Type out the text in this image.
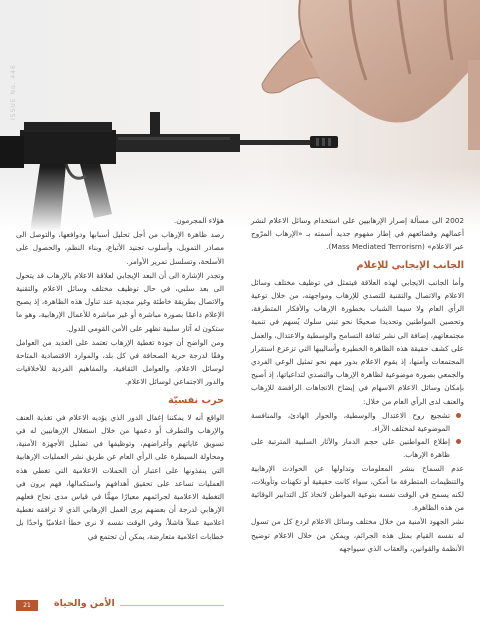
ISSUE No. 446

2002 الى مسألة إصرار الإرهابيين على استخدام وسائل الاعلام لنشر أعمالهم وفضائعهم في إطار مفهوم جديد أسمته بـ «الإرهاب المرّوج عبر الاعلام» (Mass Mediated Terrorism).

الجانب الإيجابي للإعلام

وأما الجانب الايجابي لهذه العلاقة فيتمثل في توظيف مختلف وسائل الاعلام والاتصال والتقنية للتصدي للإرهاب ومواجهته، من خلال توعية الرأي العام ولا سيما الشباب بخطورة الإرهاب والأفكار المتطرفة، وتحصين المواطنين وتحديدا صحيحًا نحو تبني سلوك يُسهم في تنمية مجتمعاتهم، إضافة الى نشر ثقافة التسامح والوسطية والاعتدال، والعمل على كشف حقيقة هذه الظاهرة الخطيرة وأساليبها التي تزعزع استقرار المجتمعات وأمنها، إذ يقوم الاعلام بدور مهم نحو تمثيل الوعي الفردي والجمعي بصورة موضوعية لظاهرة الإرهاب والتصدي لتداعياتها، إذ أصبح بإمكان وسائل الاعلام الاسهام في إيضاح الاتجاهات الرافضة للإرهاب والعنف لدى الرأي العام من خلال:

تشجيع روح الاعتدال والوسطية، والحوار الهادئ، والمنافسة الموضوعية لمختلف الآراء.
إطلاع المواطنين على حجم الدمار والآثار السلبية المترتبة على ظاهرة الإرهاب.

عدم السماح بنشر المعلومات وتداولها عن الحوادث الإرهابية والتنظيمات المتطرفة ما أمكن، سواء كانت حقيقية أو تكهنات وتأويلات، لكنه يسمح في الوقت نفسه بتوعية المواطن لاتخاذ كل التدابير الوقائية من هذه الظاهرة.

نشر الجهود الأمنية من خلال مختلف وسائل الاعلام لردع كل من تسول له نفسه القيام بمثل هذه الجرائم، ويمكن من خلال الاعلام توضيح الأنظمة والقوانين، والعقاب الذي سيواجهه

هؤلاء المجرمون.

رصد ظاهرة الإرهاب من أجل تحليل أسبابها ودوافعها، والتوصل الى مصادر التمويل، وأسلوب تجنيد الأتباع، وبناء النظم، والحصول على الأسلحة، وتسلسل تمرير الأوامر.

وتجدر الإشارة الى أن البعد الإيجابي لعلاقة الاعلام بالإرهاب قد يتحول الى بعد سلبي، في حال توظيف مختلف وسائل الاعلام والتقنية والاتصال بطريقة خاطئة وغير مجدية عند تناول هذه الظاهرة، إذ يصبح الإعلام داعمًا بصورة مباشرة أو غير مباشرة للأعمال الإرهابية، وهو ما ستكون له آثار سلبية تظهر على الأمن القومي للدول.

ومن الواضح أن جودة تغطية الإرهاب تعتمد على العديد من العوامل وفقًا لدرجة حرية الصحافة في كل بلد، والموارد الاقتصادية المتاحة لوسائل الاعلام، والعوامل الثقافية، والمفاهيم الفردية للأخلاقيات والدور الاجتماعي لوسائل الاعلام.

حرب نفسيّة

الواقع أنه لا يمكننا إغفال الدور الذي يؤديه الاعلام في تغذية العنف والإرهاب والتطرف أو دعمها من خلال استغلال الإرهابيين له في تسويق غاياتهم وأغراضهم، وتوظيفها في تضليل الأجهزة الأمنية، ومحاولة السيطرة على الرأي العام عن طريق نشر العمليات الإرهابية التي ينفذونها على اعتبار أن الحملات الاعلامية التي تغطي هذه العمليات تساعد على تحقيق أهدافهم واستكمالها، فهم يرون في التغطية الاعلامية لجرائمهم معيارًا مهمًّا في قياس مدى نجاح فعلهم الإرهابي لدرجة أن بعضهم يرى العمل الإرهابي الذي لا ترافقه تغطية اعلامية عملاً فاشلاً، وفي الوقت نفسه لا نرى خطأ اعلاميًا واحدًا بل خطابات اعلامية متعارضة، يمكن أن تجتمع في

21	الأمن والحياة
